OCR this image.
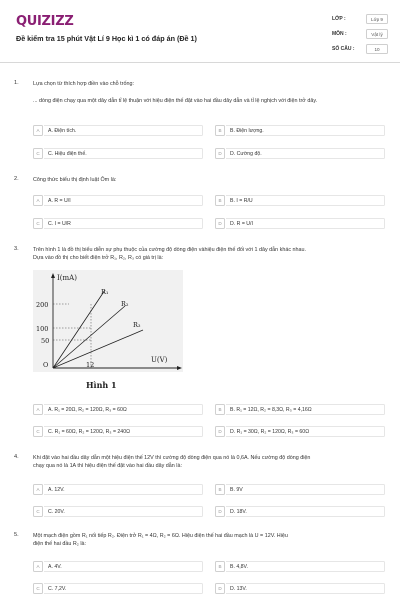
QUIZIZZ
Đề kiểm tra 15 phút Vật Lí 9 Học kì 1 có đáp án (Đề 1)
LỚP :	Lớp 9
MÔN :	Vật lý
SỐ CÂU :	10
1.	Lựa chọn từ thích hợp điền vào chỗ trống:
... dòng điện chạy qua một dây dẫn tỉ lệ thuận với hiệu điện thế đặt vào hai đầu dây dẫn và tỉ lệ nghịch với điện trở dây.
A	A. Điện tích.	B	B. Điện lượng.
C	C. Hiệu điện thế.	D	D. Cường độ.
2.	Công thức biểu thị định luật Ôm là:
A	A. R = U/I	B	B. I = R/U
C	C. I = U/R	D	D. R = U/I
3.	Trên hình 1 là đồ thị biểu diễn sự phụ thuộc của cường độ dòng điện vàhiệu điện thế đối với 1 dây dẫn khác nhau.
Dựa vào đồ thị cho biết điện trở R₁, R₂, R₃ có giá trị là:
I(mA)
U(V)
200
100
50
O	12
R₁
R₂
R₃
Hình 1
A	A. R₁ = 20Ω, R₂ = 120Ω, R₃ = 60Ω	B	B. R₁ = 12Ω, R₂ = 8,3Ω, R₃ = 4,16Ω
C	C. R₁ = 60Ω, R₂ = 120Ω, R₃ = 240Ω	D	D. R₁ = 30Ω, R₂ = 120Ω, R₃ = 60Ω
4.	Khi đặt vào hai đầu dây dẫn một hiệu điện thế 12V thì cường độ dòng điện qua nó là 0,6A. Nếu cường độ dòng điện
chạy qua nó là 1A thì hiệu điện thế đặt vào hai đầu dây dẫn là:
A	A. 12V.	B	B. 9V
C	C. 20V.	D	D. 18V.
5.	Một mạch điện gồm R₁ nối tiếp R₂. Điện trở R₁ = 4Ω, R₂ = 6Ω. Hiệu điện thế hai đầu mạch là U = 12V. Hiệu
điện thế hai đầu R₂ là:
A	A. 4V.	B	B. 4,8V.
C	C. 7,2V.	D	D. 13V.
